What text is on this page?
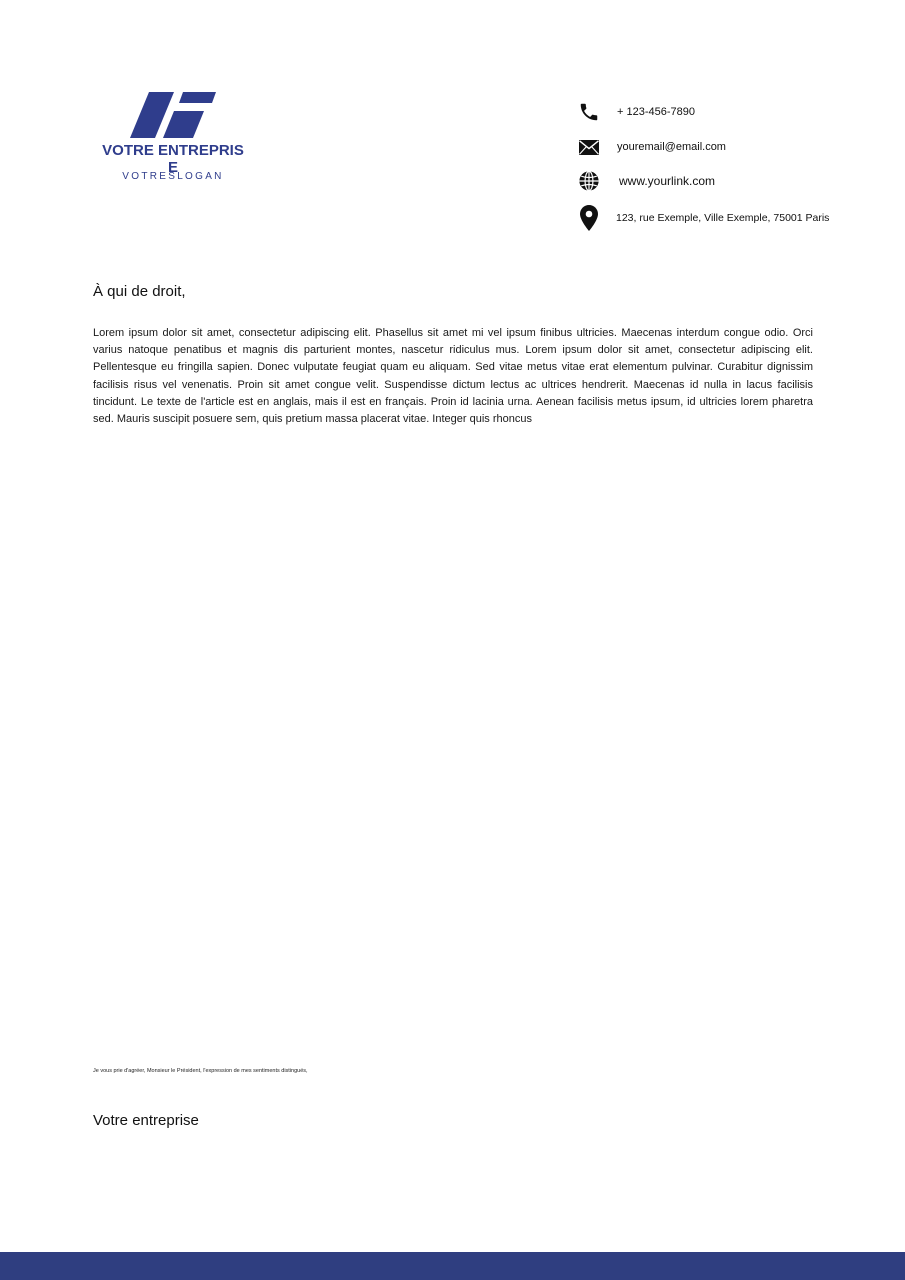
VOTRE ENTREPRISE
VOTRESLOGAN
+ 123-456-7890
youremail@email.com
www.yourlink.com
123, rue Exemple, Ville Exemple, 75001 Paris
À qui de droit,
Lorem ipsum dolor sit amet, consectetur adipiscing elit. Phasellus sit amet mi vel ipsum finibus ultricies. Maecenas interdum congue odio. Orci varius natoque penatibus et magnis dis parturient montes, nascetur ridiculus mus. Lorem ipsum dolor sit amet, consectetur adipiscing elit. Pellentesque eu fringilla sapien. Donec vulputate feugiat quam eu aliquam. Sed vitae metus vitae erat elementum pulvinar. Curabitur dignissim facilisis risus vel venenatis. Proin sit amet congue velit. Suspendisse dictum lectus ac ultrices hendrerit. Maecenas id nulla in lacus facilisis tincidunt. Le texte de l'article est en anglais, mais il est en français. Proin id lacinia urna. Aenean facilisis metus ipsum, id ultricies lorem pharetra sed. Mauris suscipit posuere sem, quis pretium massa placerat vitae. Integer quis rhoncus
Je vous prie d'agréer, Monsieur le Président, l'expression de mes sentiments distingués,
Votre entreprise
